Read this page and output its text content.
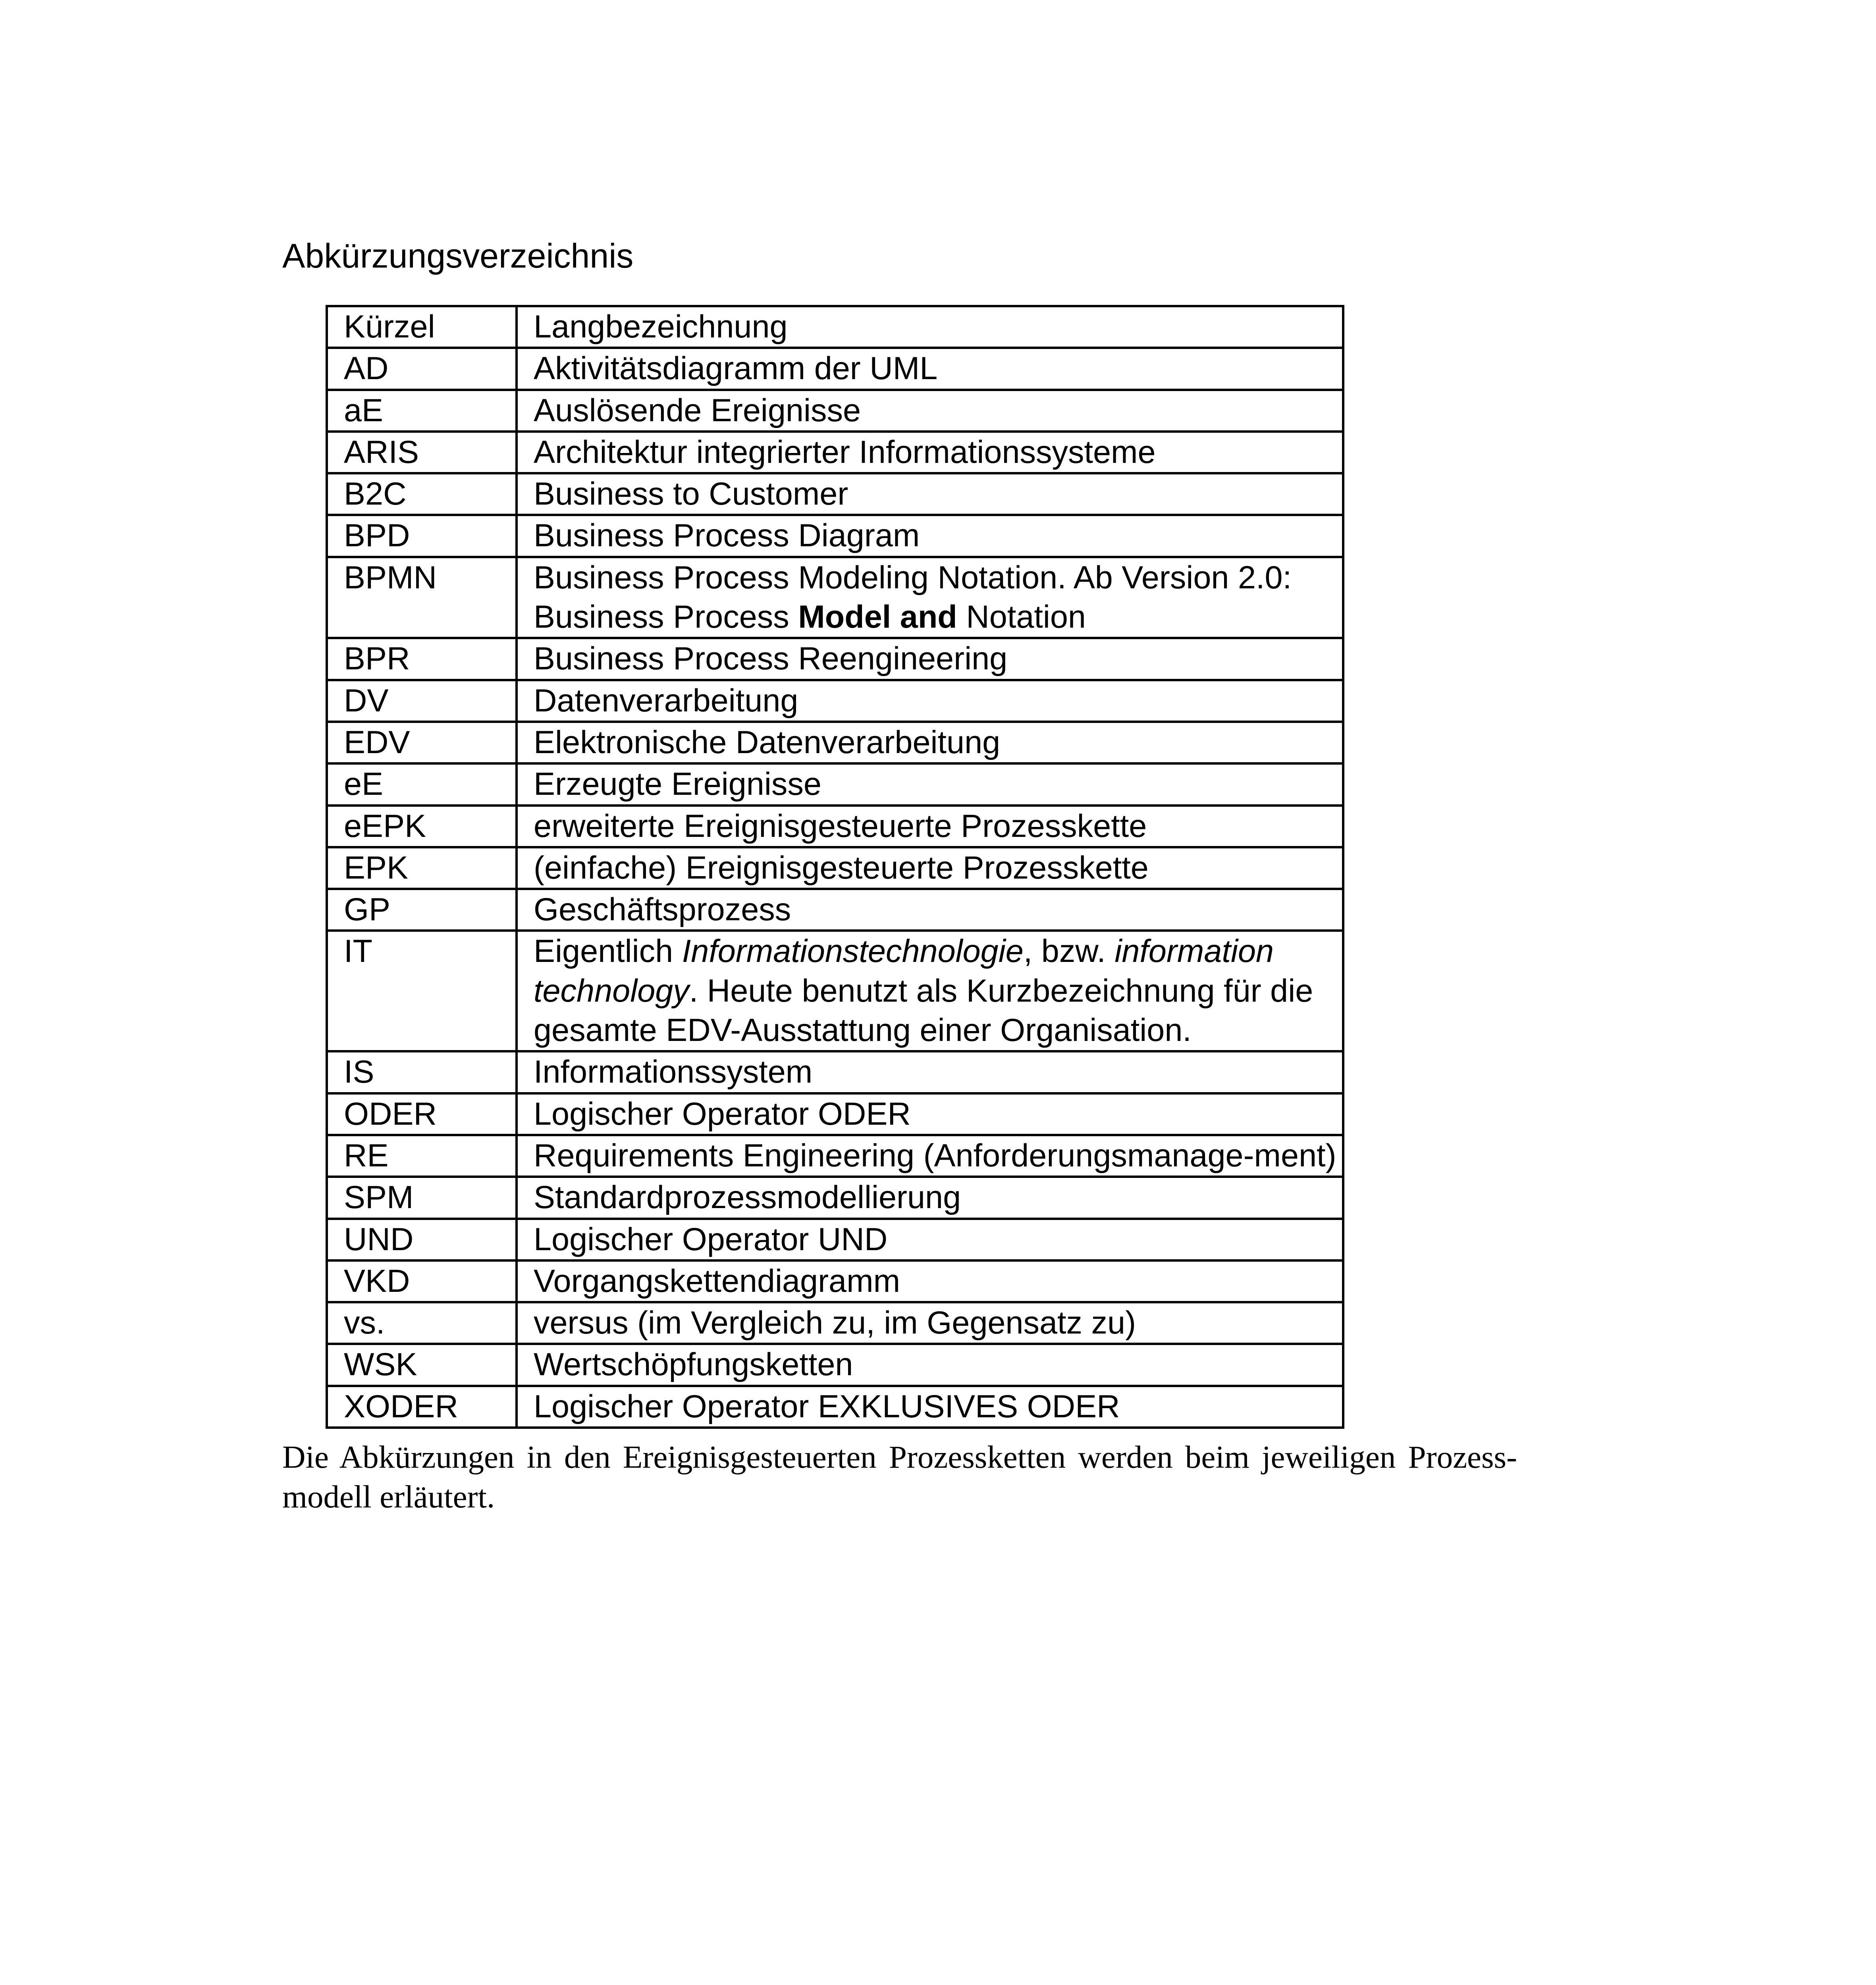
Abkürzungsverzeichnis
Kürzel	Langbezeichnung
AD	Aktivitätsdiagramm der UML
aE	Auslösende Ereignisse
ARIS	Architektur integrierter Informationssysteme
B2C	Business to Customer
BPD	Business Process Diagram
BPMN	Business Process Modeling Notation. Ab Version 2.0: Business Process Model and Notation
BPR	Business Process Reengineering
DV	Datenverarbeitung
EDV	Elektronische Datenverarbeitung
eE	Erzeugte Ereignisse
eEPK	erweiterte Ereignisgesteuerte Prozesskette
EPK	(einfache) Ereignisgesteuerte Prozesskette
GP	Geschäftsprozess
IT	Eigentlich Informationstechnologie, bzw. information technology. Heute benutzt als Kurzbezeichnung für die gesamte EDV-Ausstattung einer Organisation.
IS	Informationssystem
ODER	Logischer Operator ODER
RE	Requirements Engineering (Anforderungsmanage-ment)
SPM	Standardprozessmodellierung
UND	Logischer Operator UND
VKD	Vorgangskettendiagramm
vs.	versus (im Vergleich zu, im Gegensatz zu)
WSK	Wertschöpfungsketten
XODER	Logischer Operator EXKLUSIVES ODER

Die Abkürzungen in den Ereignisgesteuerten Prozessketten werden beim jeweiligen Prozess-modell erläutert.
